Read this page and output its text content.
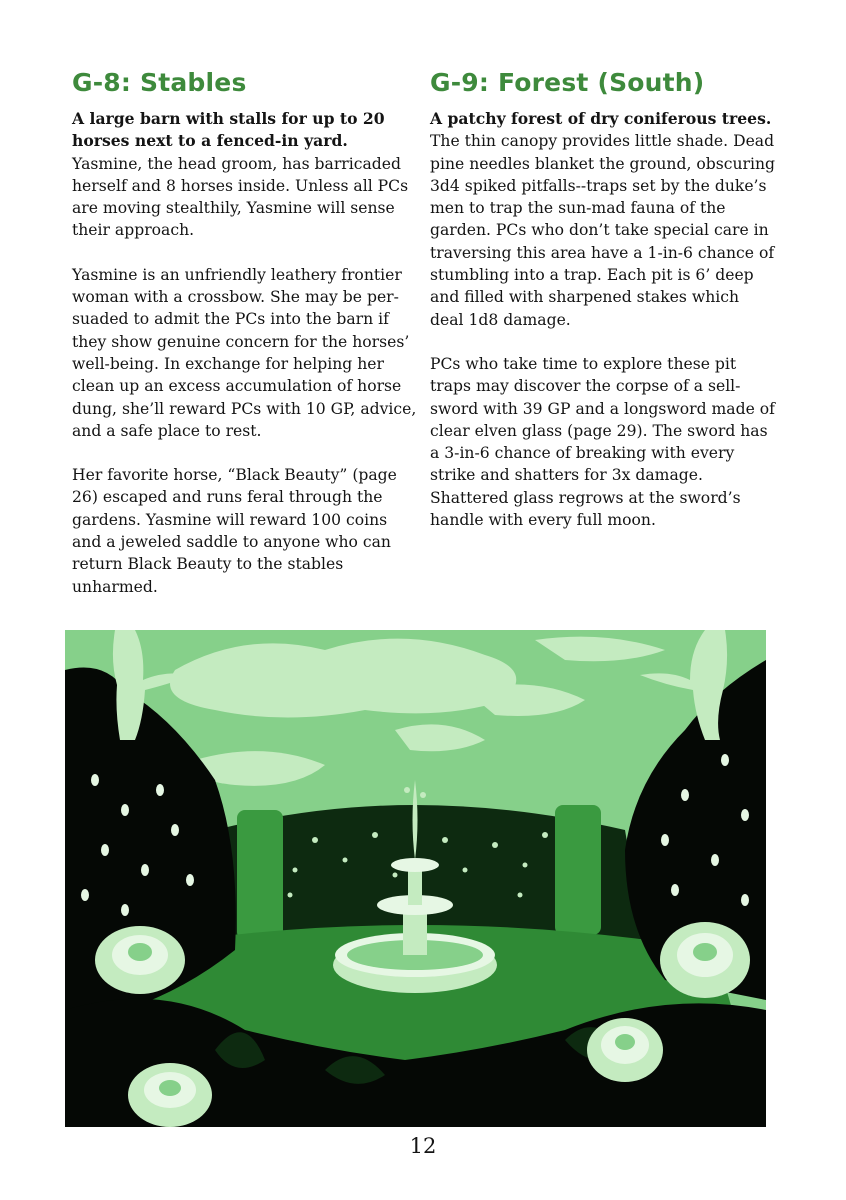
G-8: Stables

A large barn with stalls for up to 20 horses next to a fenced-in yard.
Yasmine, the head groom, has barricaded herself and 8 horses inside. Unless all PCs are moving stealthily, Yasmine will sense their approach.

Yasmine is an unfriendly leathery frontier woman with a crossbow. She may be persuaded to admit the PCs into the barn if they show genuine concern for the horses’ well-being. In exchange for helping her clean up an excess accumulation of horse dung, she’ll reward PCs with 10 GP, advice, and a safe place to rest.

Her favorite horse, “Black Beauty” (page 26) escaped and runs feral through the gardens. Yasmine will reward 100 coins and a jeweled saddle to anyone who can return Black Beauty to the stables unharmed.

G-9: Forest (South)

A patchy forest of dry coniferous trees.
The thin canopy provides little shade. Dead pine needles blanket the ground, obscuring 3d4 spiked pitfalls--traps set by the duke’s men to trap the sun-mad fauna of the garden. PCs who don’t take special care in traversing this area have a 1-in-6 chance of stumbling into a trap. Each pit is 6’ deep and filled with sharpened stakes which deal 1d8 damage.

PCs who take time to explore these pit traps may discover the corpse of a sellsword with 39 GP and a longsword made of clear elven glass (page 29). The sword has a 3-in-6 chance of breaking with every strike and shatters for 3x damage. Shattered glass regrows at the sword’s handle with every full moon.

12
